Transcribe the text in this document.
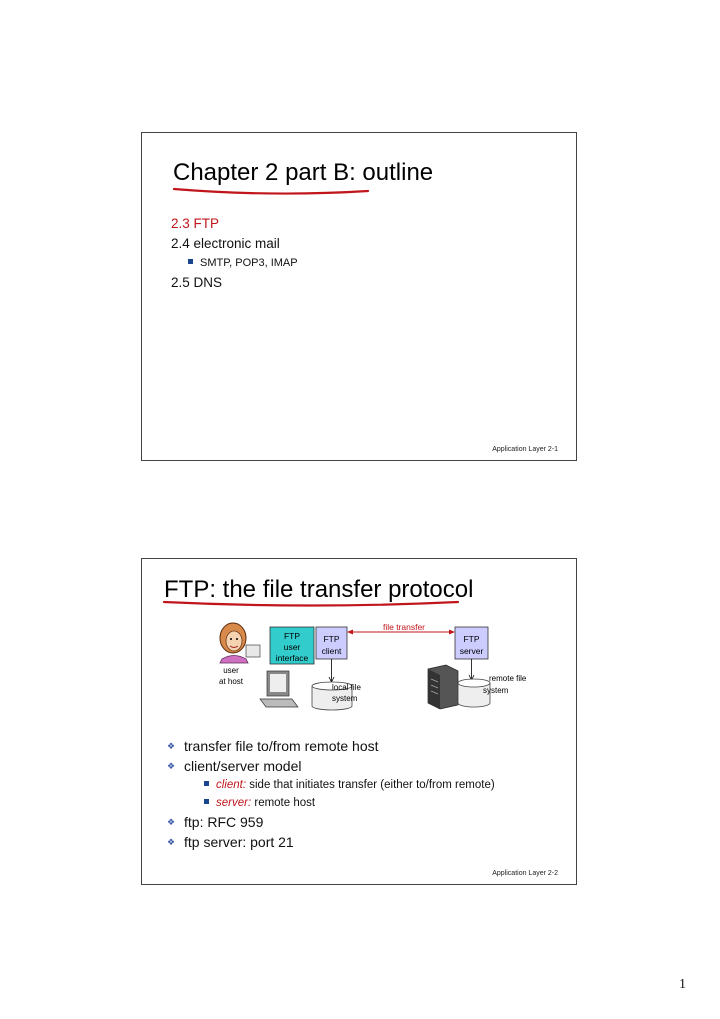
Chapter 2 part B: outline
2.3 FTP
2.4 electronic mail
SMTP, POP3, IMAP
2.5 DNS
Application Layer 2-1
FTP: the file transfer protocol
FTP
user
interface
FTP
client
FTP
server
file transfer
user
at host
local file
system
remote file
system
❖ transfer file to/from remote host
❖ client/server model
client: side that initiates transfer (either to/from remote)
server: remote host
❖ ftp: RFC 959
❖ ftp server: port 21
Application Layer 2-2
1
